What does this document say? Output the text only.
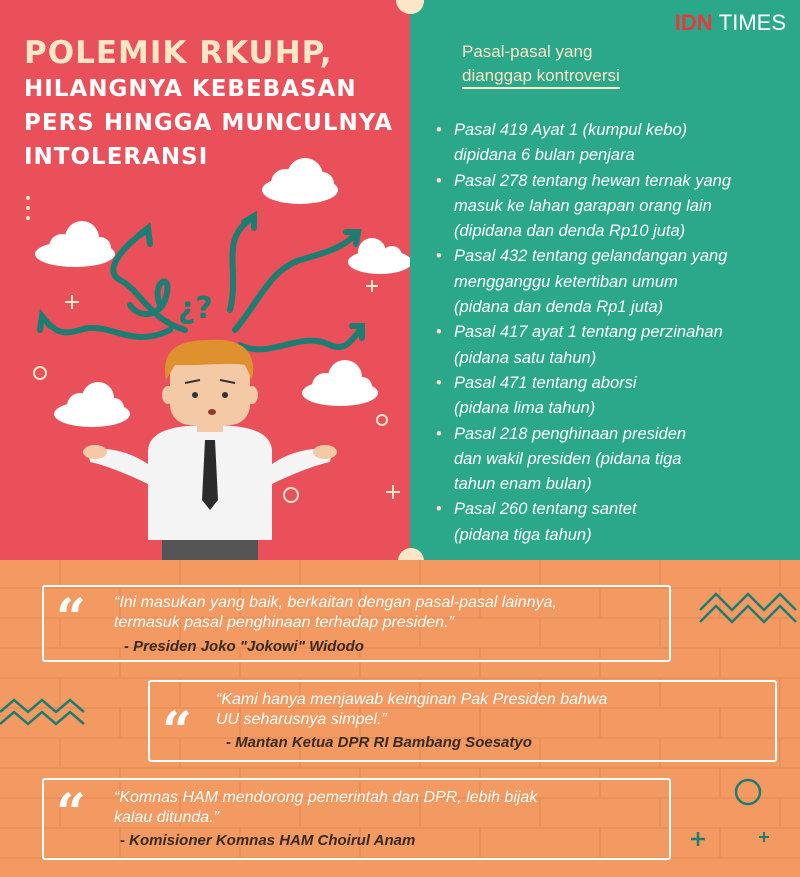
¿?
POLEMIK RKUHP,
HILANGNYA KEBEBASAN
PERS HINGGA MUNCULNYA
INTOLERANSI
IDN TIMES
Pasal-pasal yang
dianggap kontroversi
• Pasal 419 Ayat 1 (kumpul kebo)
dipidana 6 bulan penjara
• Pasal 278 tentang hewan ternak yang
masuk ke lahan garapan orang lain
(dipidana dan denda Rp10 juta)
• Pasal 432 tentang gelandangan yang
mengganggu ketertiban umum
(pidana dan denda Rp1 juta)
• Pasal 417 ayat 1 tentang perzinahan
(pidana satu tahun)
• Pasal 471 tentang aborsi
(pidana lima tahun)
• Pasal 218 penghinaan presiden
dan wakil presiden (pidana tiga
tahun enam bulan)
• Pasal 260 tentang santet
(pidana tiga tahun)
“ “Ini masukan yang baik, berkaitan dengan pasal-pasal lainnya,
termasuk pasal penghinaan terhadap presiden.”
- Presiden Joko "Jokowi" Widodo
“
“Kami hanya menjawab keinginan Pak Presiden bahwa
UU seharusnya simpel.”
- Mantan Ketua DPR RI Bambang Soesatyo
“ “Komnas HAM mendorong pemerintah dan DPR, lebih bijak
kalau ditunda.”
- Komisioner Komnas HAM Choirul Anam
